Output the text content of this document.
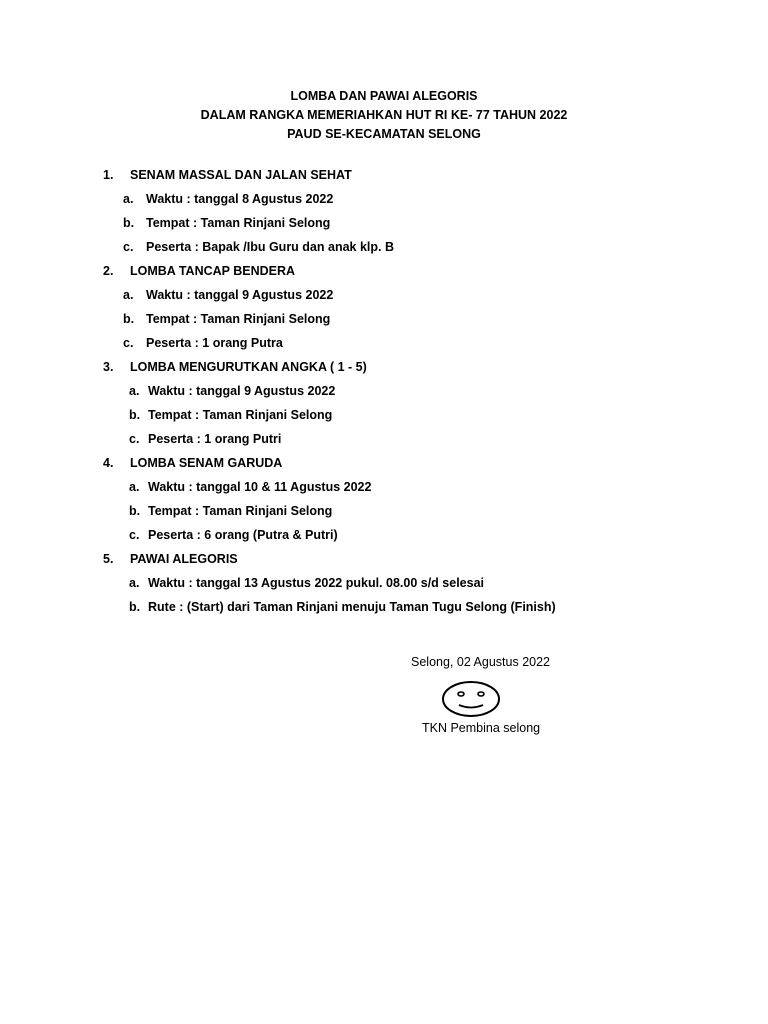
LOMBA DAN PAWAI ALEGORIS
DALAM RANGKA MEMERIAHKAN HUT RI KE- 77 TAHUN 2022
PAUD SE-KECAMATAN SELONG
1. SENAM MASSAL DAN JALAN SEHAT
a. Waktu : tanggal 8 Agustus 2022
b. Tempat : Taman Rinjani Selong
c. Peserta : Bapak /Ibu Guru dan anak klp. B
2. LOMBA TANCAP BENDERA
a. Waktu : tanggal 9 Agustus 2022
b. Tempat : Taman Rinjani Selong
c. Peserta : 1 orang Putra
3. LOMBA MENGURUTKAN ANGKA ( 1 - 5)
a. Waktu : tanggal 9 Agustus 2022
b. Tempat : Taman Rinjani Selong
c. Peserta : 1 orang Putri
4. LOMBA SENAM GARUDA
a. Waktu : tanggal 10 & 11 Agustus 2022
b. Tempat : Taman Rinjani Selong
c. Peserta : 6 orang (Putra & Putri)
5. PAWAI ALEGORIS
a. Waktu : tanggal 13 Agustus 2022 pukul. 08.00 s/d selesai
b. Rute : (Start) dari Taman Rinjani menuju Taman Tugu Selong (Finish)
Selong, 02 Agustus 2022
TKN Pembina selong
